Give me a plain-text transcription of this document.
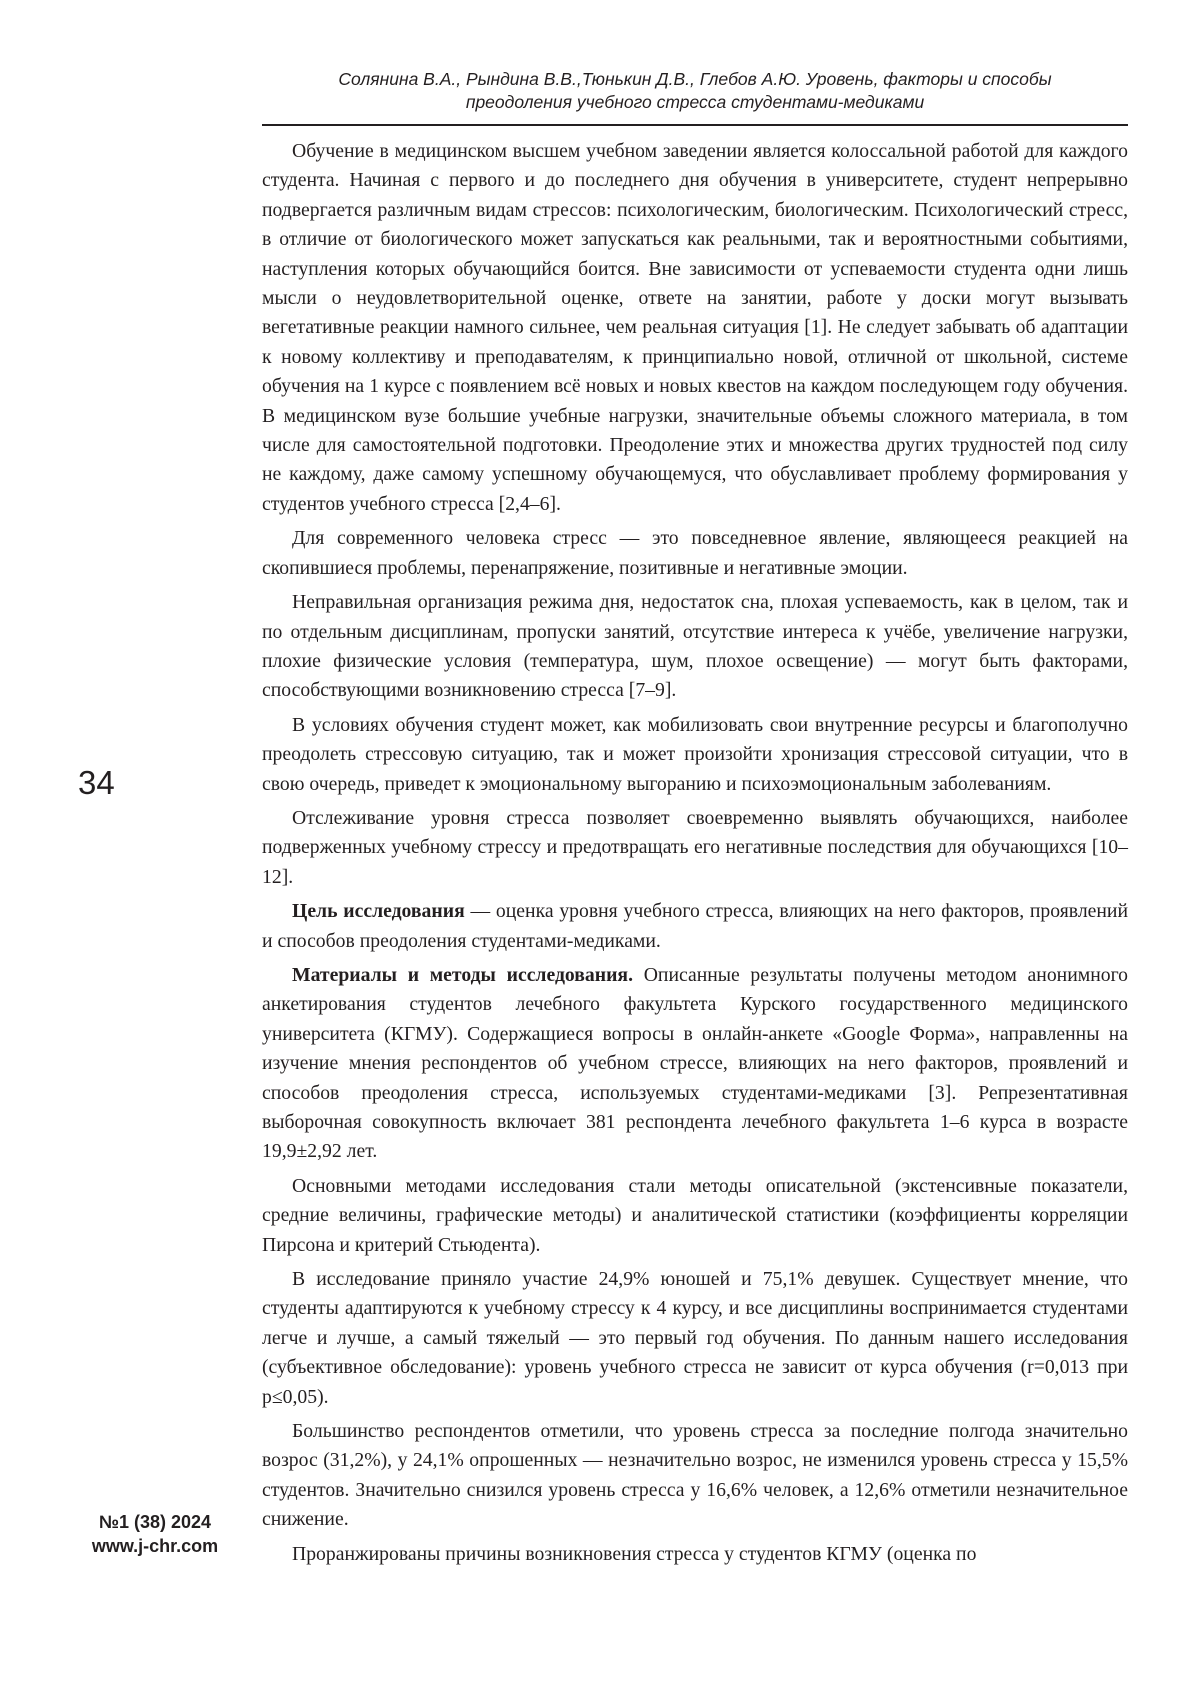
Солянина В.А., Рындина В.В.,Тюнькин Д.В., Глебов А.Ю. Уровень, факторы и способы
преодоления учебного стресса студентами-медиками
34
№1 (38) 2024
www.j-chr.com

Обучение в медицинском высшем учебном заведении является колоссальной работой для каждого студента. Начиная с первого и до последнего дня обучения в университете, студент непрерывно подвергается различным видам стрессов: психологическим, биологическим. Психологический стресс, в отличие от биологического может запускаться как реальными, так и вероятностными событиями, наступления которых обучающийся боится. Вне зависимости от успеваемости студента одни лишь мысли о неудовлетворительной оценке, ответе на занятии, работе у доски могут вызывать вегетативные реакции намного сильнее, чем реальная ситуация [1]. Не следует забывать об адаптации к новому коллективу и преподавателям, к принципиально новой, отличной от школьной, системе обучения на 1 курсе с появлением всё новых и новых квестов на каждом последующем году обучения. В медицинском вузе большие учебные нагрузки, значительные объемы сложного материала, в том числе для самостоятельной подготовки. Преодоление этих и множества других трудностей под силу не каждому, даже самому успешному обучающемуся, что обуславливает проблему формирования у студентов учебного стресса [2,4–6].

Для современного человека стресс — это повседневное явление, являющееся реакцией на скопившиеся проблемы, перенапряжение, позитивные и негативные эмоции.

Неправильная организация режима дня, недостаток сна, плохая успеваемость, как в целом, так и по отдельным дисциплинам, пропуски занятий, отсутствие интереса к учёбе, увеличение нагрузки, плохие физические условия (температура, шум, плохое освещение) — могут быть факторами, способствующими возникновению стресса [7–9].

В условиях обучения студент может, как мобилизовать свои внутренние ресурсы и благополучно преодолеть стрессовую ситуацию, так и может произойти хронизация стрессовой ситуации, что в свою очередь, приведет к эмоциональному выгоранию и психоэмоциональным заболеваниям.

Отслеживание уровня стресса позволяет своевременно выявлять обучающихся, наиболее подверженных учебному стрессу и предотвращать его негативные последствия для обучающихся [10–12].

Цель исследования — оценка уровня учебного стресса, влияющих на него факторов, проявлений и способов преодоления студентами-медиками.

Материалы и методы исследования. Описанные результаты получены методом анонимного анкетирования студентов лечебного факультета Курского государственного медицинского университета (КГМУ). Содержащиеся вопросы в онлайн-анкете «Google Форма», направленны на изучение мнения респондентов об учебном стрессе, влияющих на него факторов, проявлений и способов преодоления стресса, используемых студентами-медиками [3]. Репрезентативная выборочная совокупность включает 381 респондента лечебного факультета 1–6 курса в возрасте 19,9±2,92 лет.

Основными методами исследования стали методы описательной (экстенсивные показатели, средние величины, графические методы) и аналитической статистики (коэффициенты корреляции Пирсона и критерий Стьюдента).

В исследование приняло участие 24,9% юношей и 75,1% девушек. Существует мнение, что студенты адаптируются к учебному стрессу к 4 курсу, и все дисциплины воспринимается студентами легче и лучше, а самый тяжелый — это первый год обучения. По данным нашего исследования (субъективное обследование): уровень учебного стресса не зависит от курса обучения (r=0,013 при p≤0,05).

Большинство респондентов отметили, что уровень стресса за последние полгода значительно возрос (31,2%), у 24,1% опрошенных — незначительно возрос, не изменился уровень стресса у 15,5% студентов. Значительно снизился уровень стресса у 16,6% человек, а 12,6% отметили незначительное снижение.

Проранжированы причины возникновения стресса у студентов КГМУ (оценка по
